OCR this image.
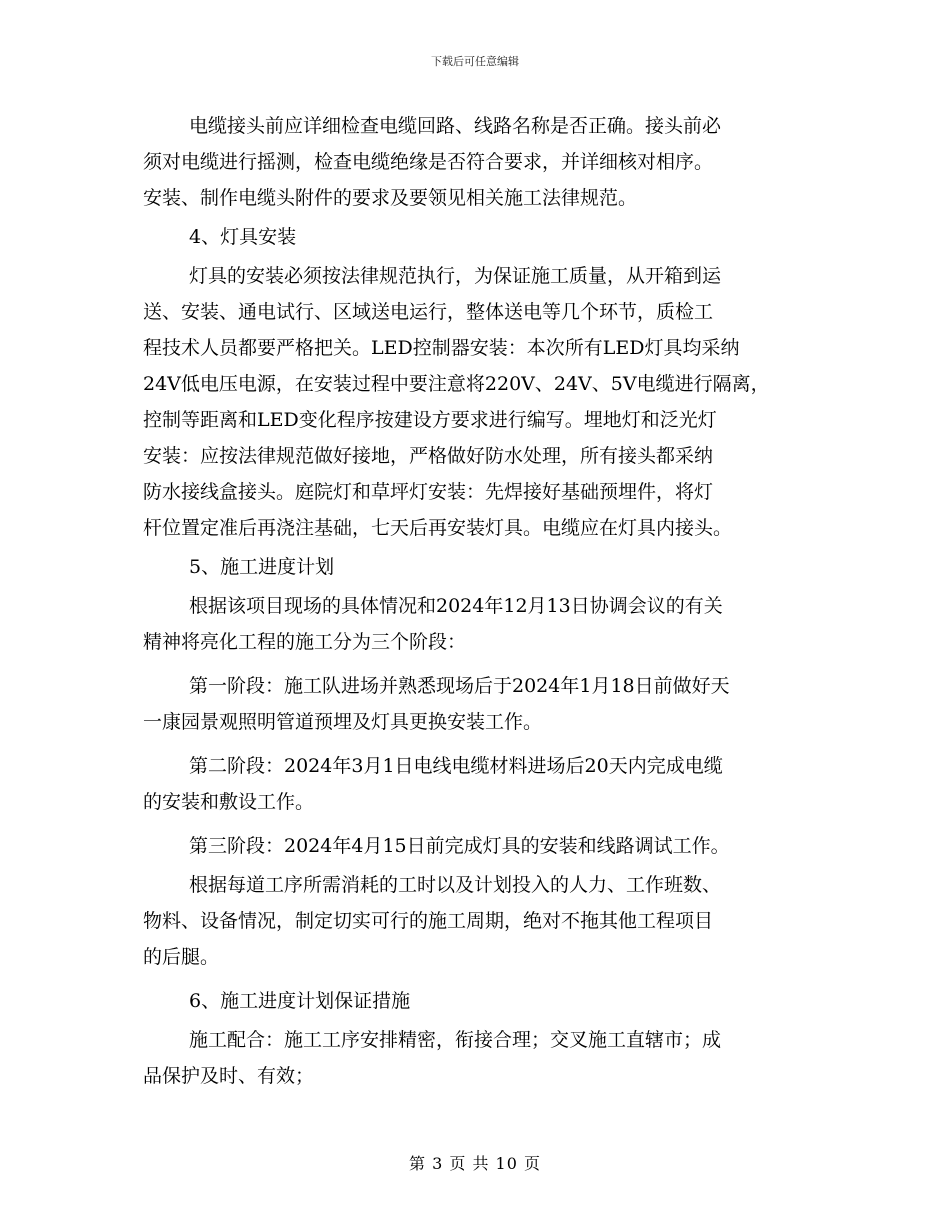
下载后可任意编辑
电缆接头前应详细检查电缆回路、线路名称是否正确。接头前必
须对电缆进行摇测，检查电缆绝缘是否符合要求，并详细核对相序。
安装、制作电缆头附件的要求及要领见相关施工法律规范。
4、灯具安装
灯具的安装必须按法律规范执行，为保证施工质量，从开箱到运
送、安装、通电试行、区域送电运行，整体送电等几个环节，质检工
程技术人员都要严格把关。LED控制器安装：本次所有LED灯具均采纳
24V低电压电源，在安装过程中要注意将220V、24V、5V电缆进行隔离，
控制等距离和LED变化程序按建设方要求进行编写。埋地灯和泛光灯
安装：应按法律规范做好接地，严格做好防水处理，所有接头都采纳
防水接线盒接头。庭院灯和草坪灯安装：先焊接好基础预埋件，将灯
杆位置定准后再浇注基础，七天后再安装灯具。电缆应在灯具内接头。
5、施工进度计划
根据该项目现场的具体情况和2024年12月13日协调会议的有关
精神将亮化工程的施工分为三个阶段：
第一阶段：施工队进场并熟悉现场后于2024年1月18日前做好天
一康园景观照明管道预埋及灯具更换安装工作。
第二阶段：2024年3月1日电线电缆材料进场后20天内完成电缆
的安装和敷设工作。
第三阶段：2024年4月15日前完成灯具的安装和线路调试工作。
根据每道工序所需消耗的工时以及计划投入的人力、工作班数、
物料、设备情况，制定切实可行的施工周期，绝对不拖其他工程项目
的后腿。
6、施工进度计划保证措施
施工配合：施工工序安排精密，衔接合理；交叉施工直辖市；成
品保护及时、有效；
第 3 页 共 10 页
